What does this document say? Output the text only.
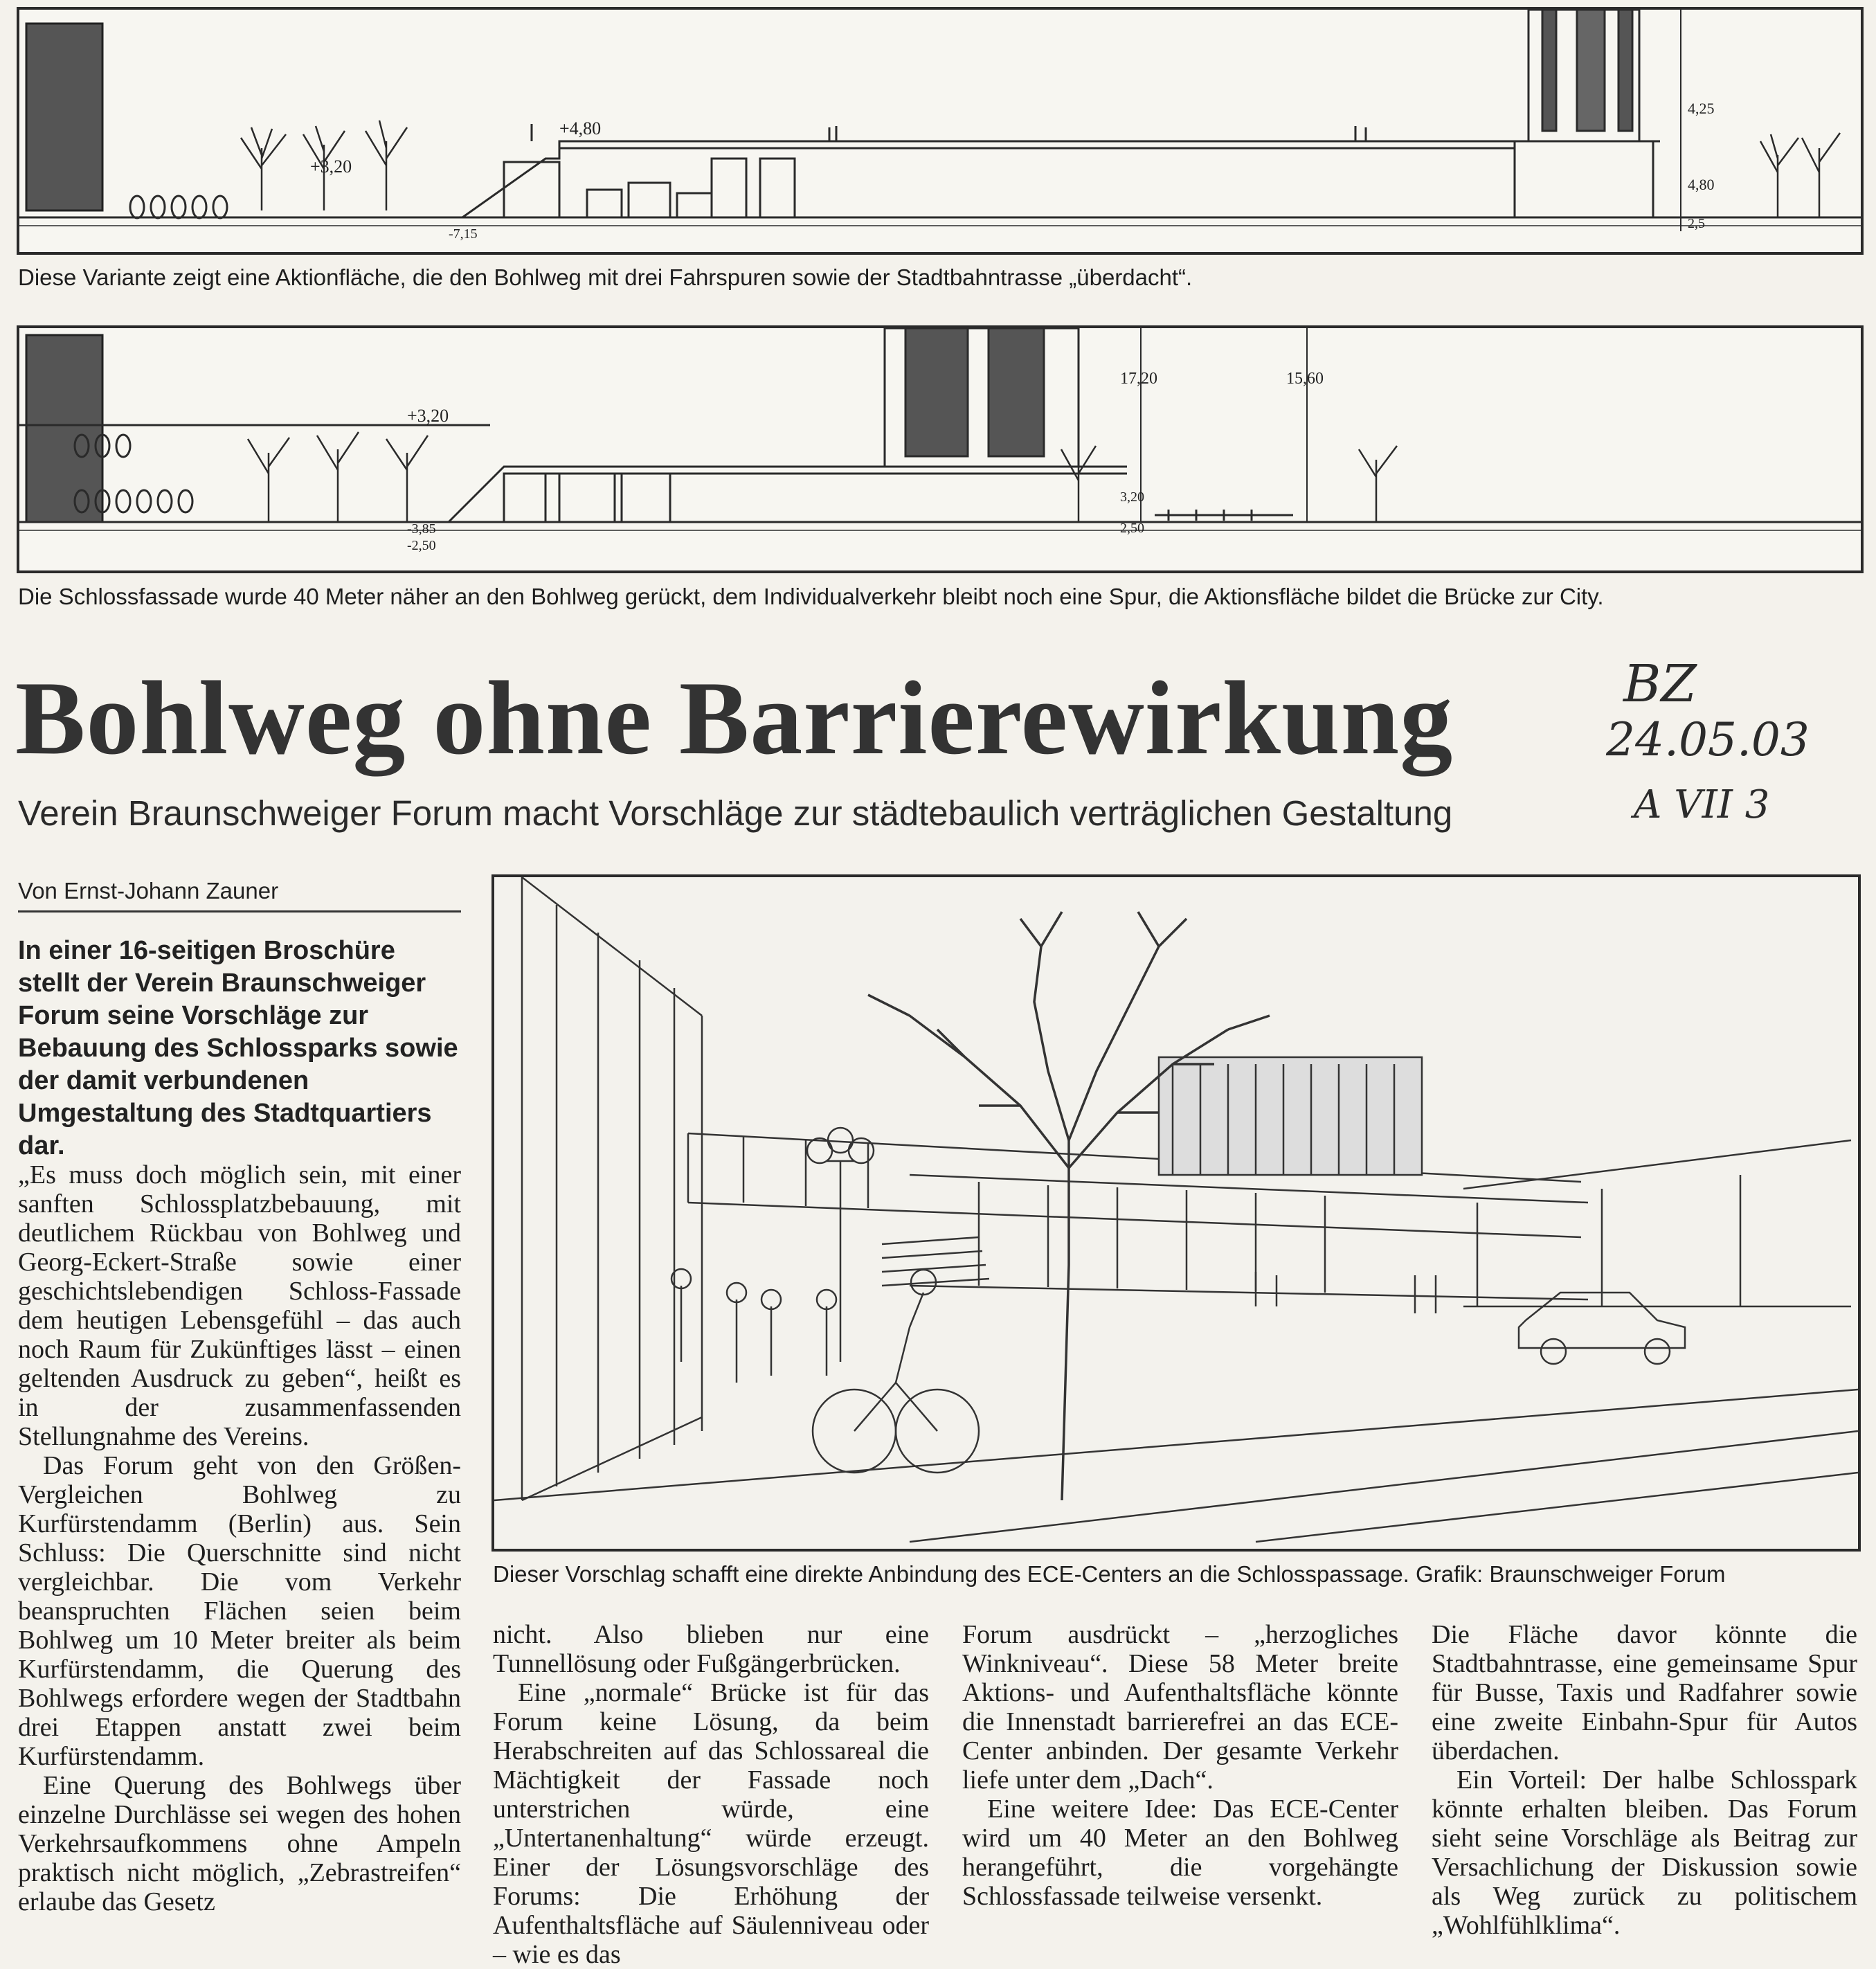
+4,80
+3,20
-7,15
4,25
4,80
2,5
Diese Variante zeigt eine Aktionfläche, die den Bohlweg mit drei Fahrspuren sowie der Stadtbahntrasse „überdacht“.
+3,20
17,20	15,60
3,20
2,50
-2,50
-3,85
Die Schlossfassade wurde 40 Meter näher an den Bohlweg gerückt, dem Individualverkehr bleibt noch eine Spur, die Aktionsfläche bildet die Brücke zur City.
Bohlweg ohne Barrierewirkung
Verein Braunschweiger Forum macht Vorschläge zur städtebaulich verträglichen Gestaltung
BZ
24.05.03
A VII 3
Von Ernst-Johann Zauner
In einer 16-seitigen Broschüre stellt der Verein Braunschweiger Forum seine Vorschläge zur Bebauung des Schlossparks sowie der damit verbundenen Umgestaltung des Stadtquartiers dar.

„Es muss doch möglich sein, mit einer sanften Schlossplatzbebauung, mit deutlichem Rückbau von Bohlweg und Georg-Eckert-Straße sowie einer geschichtslebendigen Schloss-Fassade dem heutigen Lebensgefühl – das auch noch Raum für Zukünftiges lässt – einen geltenden Ausdruck zu geben“, heißt es in der zusammenfassenden Stellungnahme des Vereins.

Das Forum geht von den Größen-Vergleichen Bohlweg zu Kurfürstendamm (Berlin) aus. Sein Schluss: Die Querschnitte sind nicht vergleichbar. Die vom Verkehr beanspruchten Flächen seien beim Bohlweg um 10 Meter breiter als beim Kurfürstendamm, die Querung des Bohlwegs erfordere wegen der Stadtbahn drei Etappen anstatt zwei beim Kurfürstendamm.

Eine Querung des Bohlwegs über einzelne Durchlässe sei wegen des hohen Verkehrsaufkommens ohne Ampeln praktisch nicht möglich, „Zebrastreifen“ erlaube das Gesetz

Dieser Vorschlag schafft eine direkte Anbindung des ECE-Centers an die Schlosspassage. Grafik: Braunschweiger Forum

nicht. Also blieben nur eine Tunnellösung oder Fußgängerbrücken.

Eine „normale“ Brücke ist für das Forum keine Lösung, da beim Herabschreiten auf das Schlossareal die Mächtigkeit der Fassade noch unterstrichen würde, eine „Untertanenhaltung“ würde erzeugt. Einer der Lösungsvorschläge des Forums: Die Erhöhung der Aufenthaltsfläche auf Säulenniveau oder – wie es das

Forum ausdrückt – „herzogliches Winkniveau“. Diese 58 Meter breite Aktions- und Aufenthaltsfläche könnte die Innenstadt barrierefrei an das ECE-Center anbinden. Der gesamte Verkehr liefe unter dem „Dach“.

Eine weitere Idee: Das ECE-Center wird um 40 Meter an den Bohlweg herangeführt, die vorgehängte Schlossfassade teilweise versenkt.

Die Fläche davor könnte die Stadtbahntrasse, eine gemeinsame Spur für Busse, Taxis und Radfahrer sowie eine zweite Einbahn-Spur für Autos überdachen.

Ein Vorteil: Der halbe Schlosspark könnte erhalten bleiben. Das Forum sieht seine Vorschläge als Beitrag zur Versachlichung der Diskussion sowie als Weg zurück zu politischem „Wohlfühlklima“.
